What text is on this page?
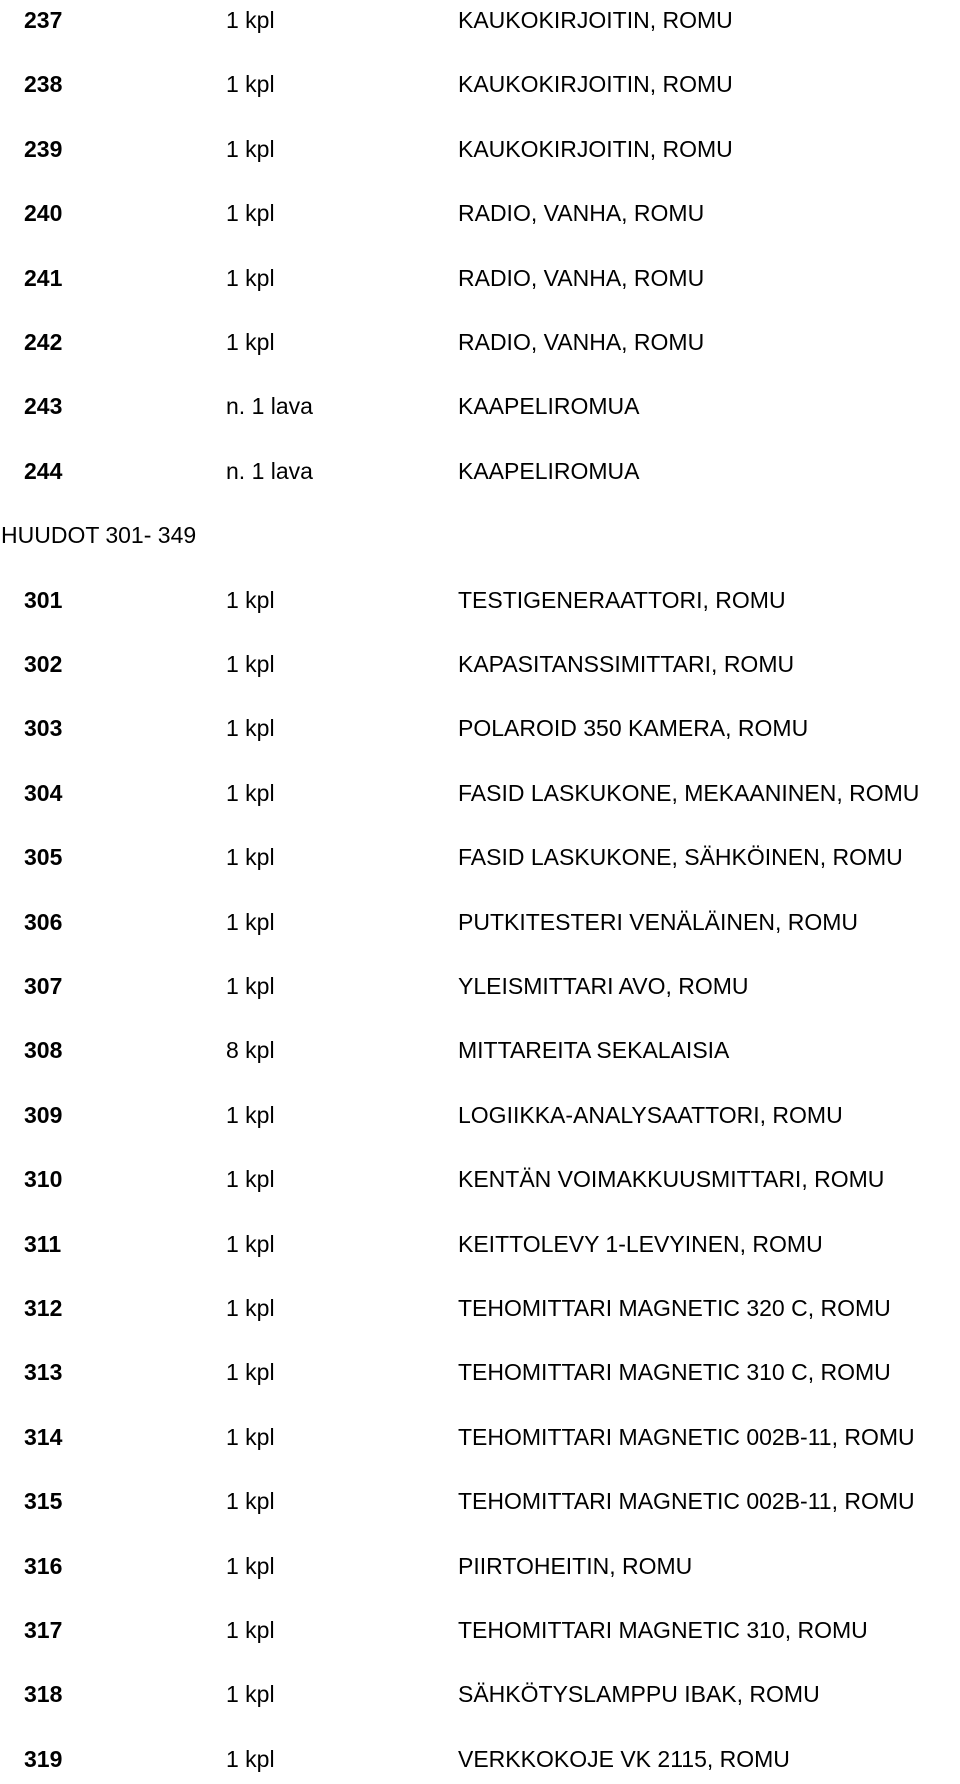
237	1 kpl	KAUKOKIRJOITIN, ROMU
238	1 kpl	KAUKOKIRJOITIN, ROMU
239	1 kpl	KAUKOKIRJOITIN, ROMU
240	1 kpl	RADIO, VANHA, ROMU
241	1 kpl	RADIO, VANHA, ROMU
242	1 kpl	RADIO, VANHA, ROMU
243	n. 1 lava	KAAPELIROMUA
244	n. 1 lava	KAAPELIROMUA
HUUDOT 301- 349
301	1 kpl	TESTIGENERAATTORI, ROMU
302	1 kpl	KAPASITANSSIMITTARI, ROMU
303	1 kpl	POLAROID 350 KAMERA, ROMU
304	1 kpl	FASID LASKUKONE, MEKAANINEN, ROMU
305	1 kpl	FASID LASKUKONE, SÄHKÖINEN, ROMU
306	1 kpl	PUTKITESTERI VENÄLÄINEN, ROMU
307	1 kpl	YLEISMITTARI AVO, ROMU
308	8 kpl	MITTAREITA SEKALAISIA
309	1 kpl	LOGIIKKA-ANALYSAATTORI, ROMU
310	1 kpl	KENTÄN VOIMAKKUUSMITTARI, ROMU
311	1 kpl	KEITTOLEVY 1-LEVYINEN, ROMU
312	1 kpl	TEHOMITTARI MAGNETIC 320 C, ROMU
313	1 kpl	TEHOMITTARI MAGNETIC 310 C, ROMU
314	1 kpl	TEHOMITTARI MAGNETIC 002B-11, ROMU
315	1 kpl	TEHOMITTARI MAGNETIC 002B-11, ROMU
316	1 kpl	PIIRTOHEITIN, ROMU
317	1 kpl	TEHOMITTARI MAGNETIC 310, ROMU
318	1 kpl	SÄHKÖTYSLAMPPU IBAK, ROMU
319	1 kpl	VERKKOKOJE VK 2115, ROMU
